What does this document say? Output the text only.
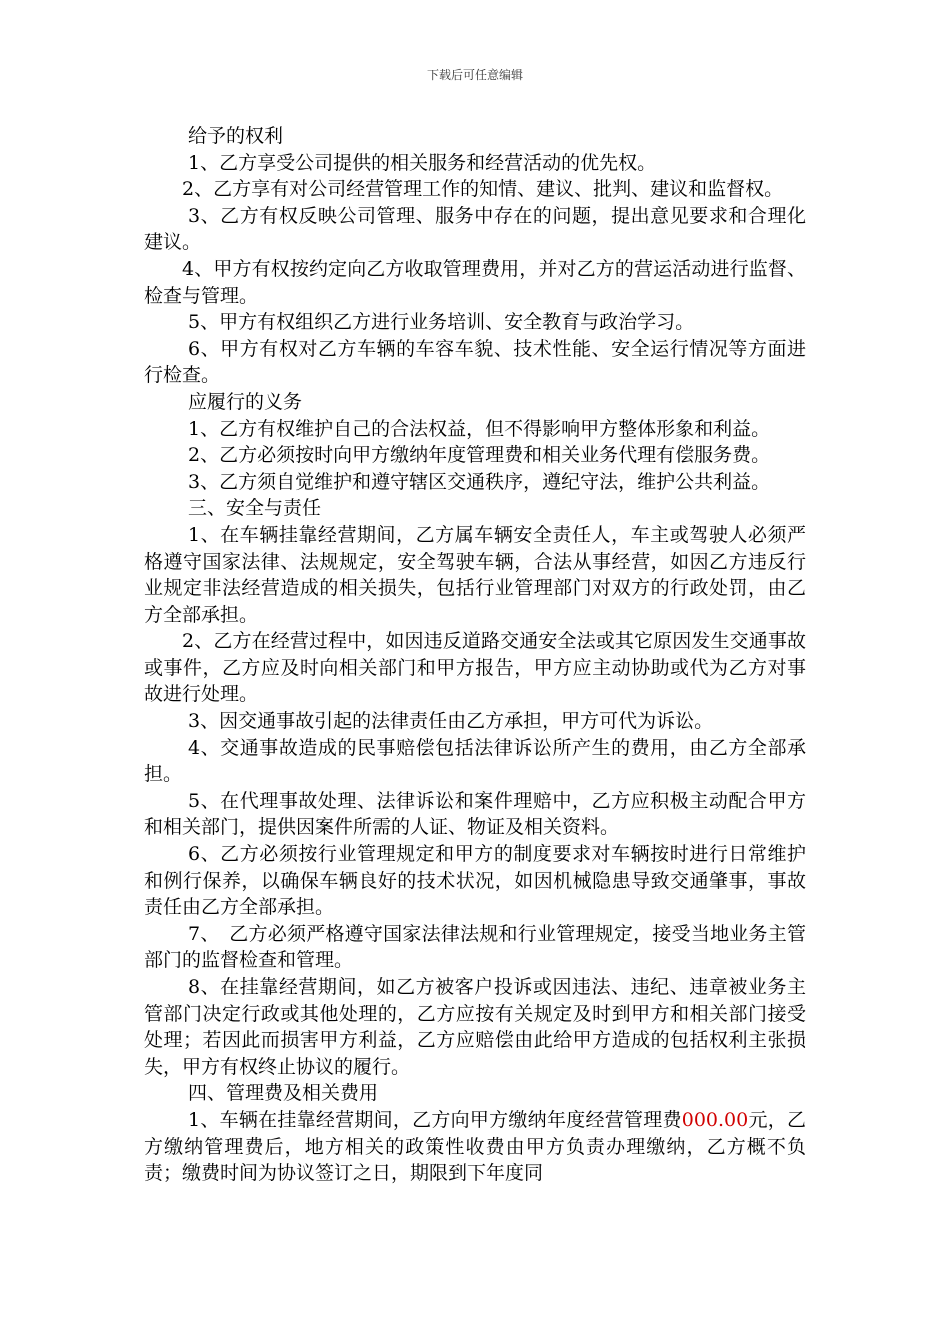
下载后可任意编辑

给予的权利

1、乙方享受公司提供的相关服务和经营活动的优先权。

2、乙方享有对公司经营管理工作的知情、建议、批判、建议和监督权。

3、乙方有权反映公司管理、服务中存在的问题，提出意见要求和合理化建议。

4、甲方有权按约定向乙方收取管理费用，并对乙方的营运活动进行监督、检查与管理。

5、甲方有权组织乙方进行业务培训、安全教育与政治学习。

6、甲方有权对乙方车辆的车容车貌、技术性能、安全运行情况等方面进行检查。

应履行的义务

1、乙方有权维护自己的合法权益，但不得影响甲方整体形象和利益。

2、乙方必须按时向甲方缴纳年度管理费和相关业务代理有偿服务费。

3、乙方须自觉维护和遵守辖区交通秩序，遵纪守法，维护公共利益。

三、安全与责任

1、在车辆挂靠经营期间，乙方属车辆安全责任人，车主或驾驶人必须严格遵守国家法律、法规规定，安全驾驶车辆，合法从事经营，如因乙方违反行业规定非法经营造成的相关损失，包括行业管理部门对双方的行政处罚，由乙方全部承担。

2、乙方在经营过程中，如因违反道路交通安全法或其它原因发生交通事故或事件，乙方应及时向相关部门和甲方报告，甲方应主动协助或代为乙方对事故进行处理。

3、因交通事故引起的法律责任由乙方承担，甲方可代为诉讼。

4、交通事故造成的民事赔偿包括法律诉讼所产生的费用，由乙方全部承担。

5、在代理事故处理、法律诉讼和案件理赔中，乙方应积极主动配合甲方和相关部门，提供因案件所需的人证、物证及相关资料。

6、乙方必须按行业管理规定和甲方的制度要求对车辆按时进行日常维护和例行保养，以确保车辆良好的技术状况，如因机械隐患导致交通肇事，事故责任由乙方全部承担。

7、　乙方必须严格遵守国家法律法规和行业管理规定，接受当地业务主管部门的监督检查和管理。

8、在挂靠经营期间，如乙方被客户投诉或因违法、违纪、违章被业务主管部门决定行政或其他处理的，乙方应按有关规定及时到甲方和相关部门接受处理；若因此而损害甲方利益，乙方应赔偿由此给甲方造成的包括权利主张损失，甲方有权终止协议的履行。

四、管理费及相关费用

1、车辆在挂靠经营期间，乙方向甲方缴纳年度经营管理费000.00元，乙方缴纳管理费后，地方相关的政策性收费由甲方负责办理缴纳，乙方概不负责；缴费时间为协议签订之日，期限到下年度同
